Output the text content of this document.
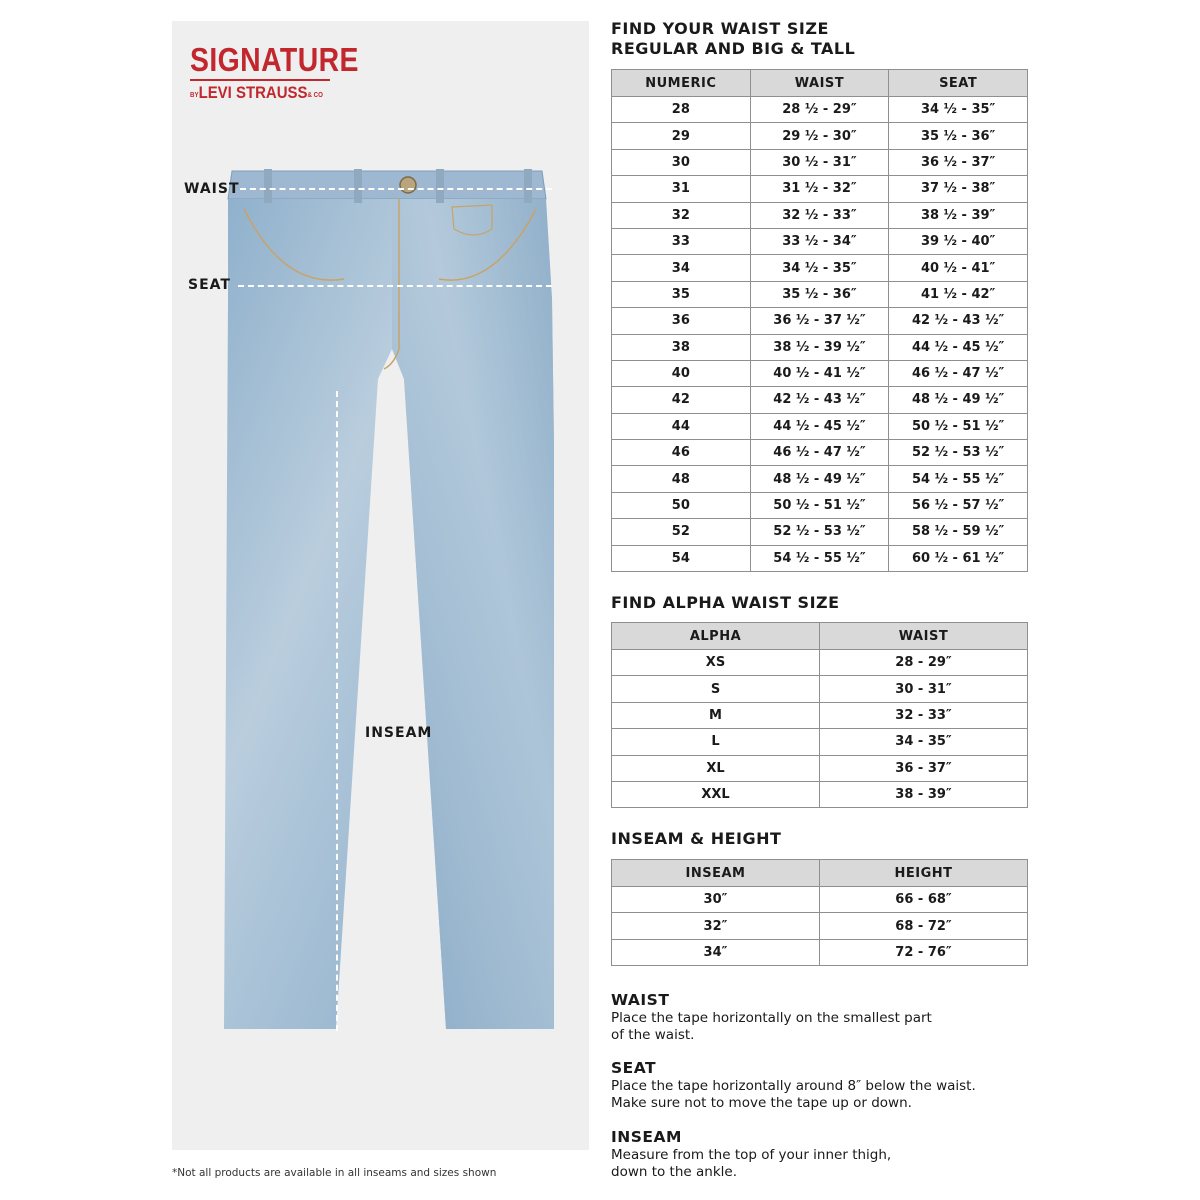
SIGNATURE
BYLEVI STRAUSS& CO
WAIST
SEAT
INSEAM
*Not all products are available in all inseams and sizes shown
FIND YOUR WAIST SIZE
REGULAR AND BIG & TALL
NUMERIC	WAIST	SEAT
28	28 ½ - 29″	34 ½ - 35″
29	29 ½ - 30″	35 ½ - 36″
30	30 ½ - 31″	36 ½ - 37″
31	31 ½ - 32″	37 ½ - 38″
32	32 ½ - 33″	38 ½ - 39″
33	33 ½ - 34″	39 ½ - 40″
34	34 ½ - 35″	40 ½ - 41″
35	35 ½ - 36″	41 ½ - 42″
36	36 ½ - 37 ½″	42 ½ - 43 ½″
38	38 ½ - 39 ½″	44 ½ - 45 ½″
40	40 ½ - 41 ½″	46 ½ - 47 ½″
42	42 ½ - 43 ½″	48 ½ - 49 ½″
44	44 ½ - 45 ½″	50 ½ - 51 ½″
46	46 ½ - 47 ½″	52 ½ - 53 ½″
48	48 ½ - 49 ½″	54 ½ - 55 ½″
50	50 ½ - 51 ½″	56 ½ - 57 ½″
52	52 ½ - 53 ½″	58 ½ - 59 ½″
54	54 ½ - 55 ½″	60 ½ - 61 ½″
FIND ALPHA WAIST SIZE
ALPHA	WAIST
XS	28 - 29″
S	30 - 31″
M	32 - 33″
L	34 - 35″
XL	36 - 37″
XXL	38 - 39″
INSEAM & HEIGHT
INSEAM	HEIGHT
30″	66 - 68″
32″	68 - 72″
34″	72 - 76″
WAIST
Place the tape horizontally on the smallest part
of the waist.
SEAT
Place the tape horizontally around 8″ below the waist.
Make sure not to move the tape up or down.
INSEAM
Measure from the top of your inner thigh,
down to the ankle.
